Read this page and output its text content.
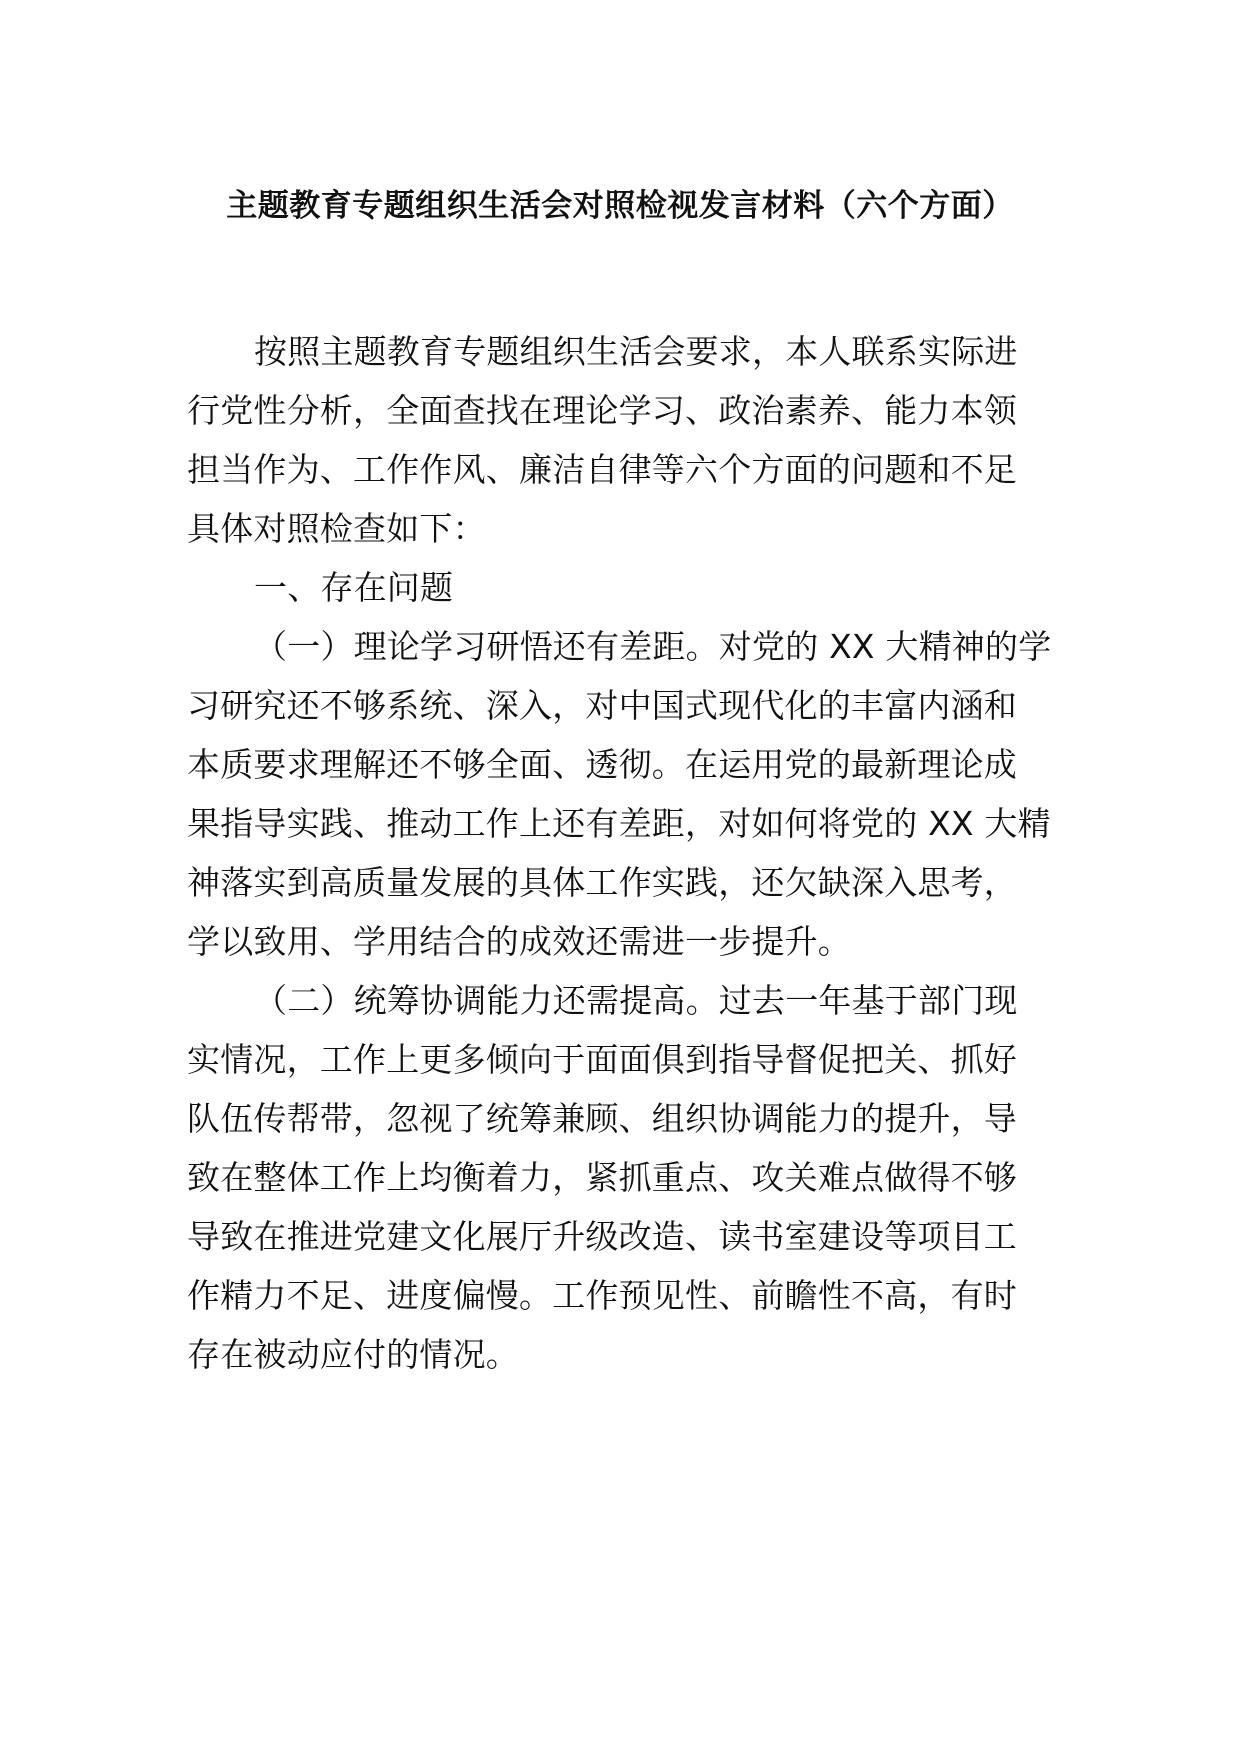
主题教育专题组织生活会对照检视发言材料（六个方面）
按照主题教育专题组织生活会要求，本人联系实际进
行党性分析，全面查找在理论学习、政治素养、能力本领
担当作为、工作作风、廉洁自律等六个方面的问题和不足
具体对照检查如下：
一、存在问题
（一）理论学习研悟还有差距。对党的 XX 大精神的学
习研究还不够系统、深入，对中国式现代化的丰富内涵和
本质要求理解还不够全面、透彻。在运用党的最新理论成
果指导实践、推动工作上还有差距，对如何将党的 XX 大精
神落实到高质量发展的具体工作实践，还欠缺深入思考，
学以致用、学用结合的成效还需进一步提升。
（二）统筹协调能力还需提高。过去一年基于部门现
实情况，工作上更多倾向于面面俱到指导督促把关、抓好
队伍传帮带，忽视了统筹兼顾、组织协调能力的提升，导
致在整体工作上均衡着力，紧抓重点、攻关难点做得不够
导致在推进党建文化展厅升级改造、读书室建设等项目工
作精力不足、进度偏慢。工作预见性、前瞻性不高，有时
存在被动应付的情况。
